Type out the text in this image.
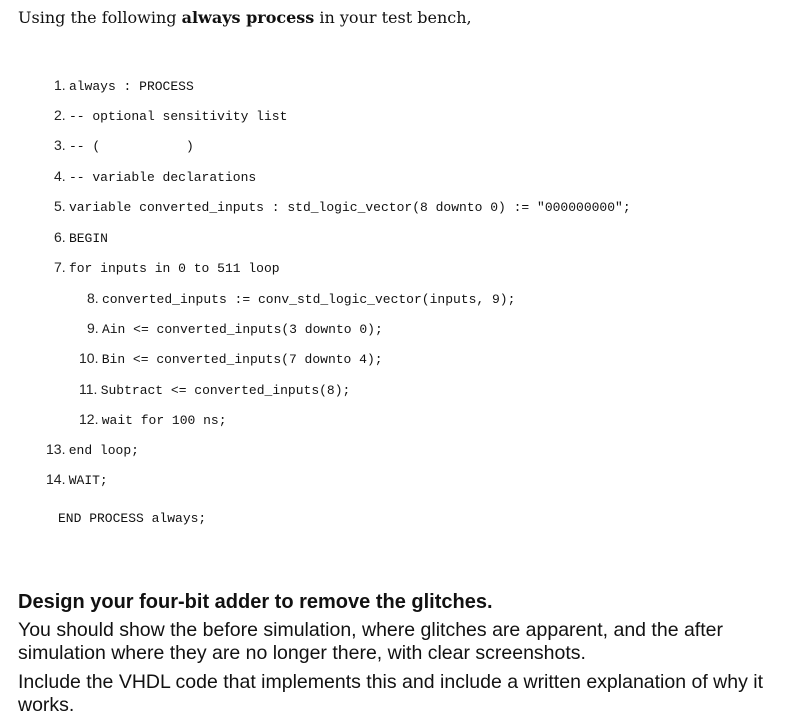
Using the following always process in your test bench,
1. always : PROCESS
2. -- optional sensitivity list
3. -- (           )
4. -- variable declarations
5. variable converted_inputs : std_logic_vector(8 downto 0) := "000000000";
6. BEGIN
7. for inputs in 0 to 511 loop
8. converted_inputs := conv_std_logic_vector(inputs, 9);
9. Ain <= converted_inputs(3 downto 0);
10. Bin <= converted_inputs(7 downto 4);
11. Subtract <= converted_inputs(8);
12. wait for 100 ns;
13. end loop;
14. WAIT;
END PROCESS always;
Design your four-bit adder to remove the glitches.
You should show the before simulation, where glitches are apparent, and the after simulation where they are no longer there, with clear screenshots.
Include the VHDL code that implements this and include a written explanation of why it works.
